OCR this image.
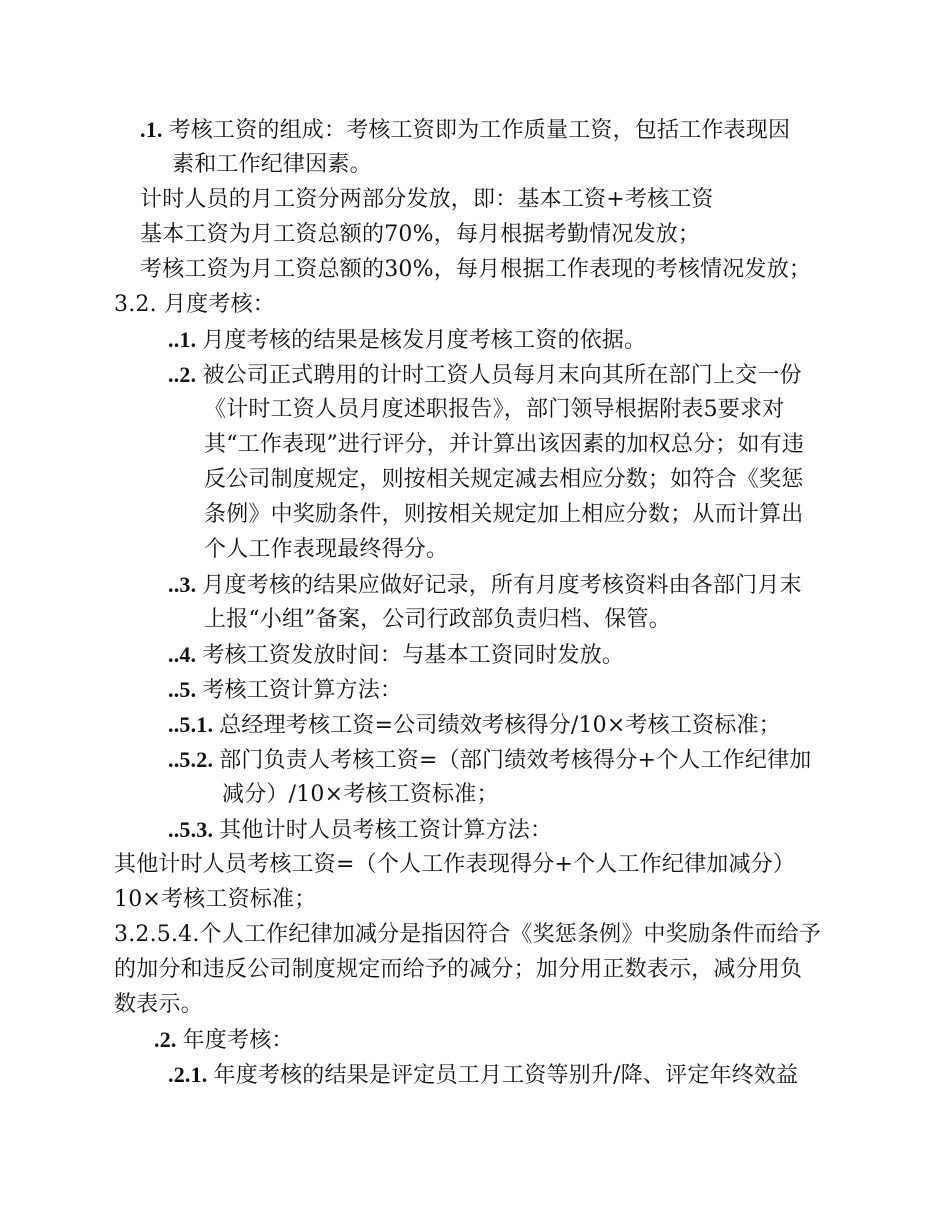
.1. 考核工资的组成：考核工资即为工作质量工资，包括工作表现因
素和工作纪律因素。
计时人员的月工资分两部分发放，即：基本工资+考核工资
基本工资为月工资总额的70%，每月根据考勤情况发放；
考核工资为月工资总额的30%，每月根据工作表现的考核情况发放；
3.2. 月度考核：
..1. 月度考核的结果是核发月度考核工资的依据。
..2. 被公司正式聘用的计时工资人员每月末向其所在部门上交一份
《计时工资人员月度述职报告》，部门领导根据附表5要求对
其“工作表现”进行评分，并计算出该因素的加权总分；如有违
反公司制度规定，则按相关规定减去相应分数；如符合《奖惩
条例》中奖励条件，则按相关规定加上相应分数；从而计算出
个人工作表现最终得分。
..3. 月度考核的结果应做好记录，所有月度考核资料由各部门月末
上报“小组”备案，公司行政部负责归档、保管。
..4. 考核工资发放时间：与基本工资同时发放。
..5. 考核工资计算方法：
..5.1. 总经理考核工资=公司绩效考核得分/10×考核工资标准；
..5.2. 部门负责人考核工资=（部门绩效考核得分+个人工作纪律加
减分）/10×考核工资标准；
..5.3. 其他计时人员考核工资计算方法：
其他计时人员考核工资=（个人工作表现得分+个人工作纪律加减分）
10×考核工资标准；
3.2.5.4.个人工作纪律加减分是指因符合《奖惩条例》中奖励条件而给予
的加分和违反公司制度规定而给予的减分；加分用正数表示，减分用负
数表示。
.2. 年度考核：
.2.1. 年度考核的结果是评定员工月工资等别升/降、评定年终效益
